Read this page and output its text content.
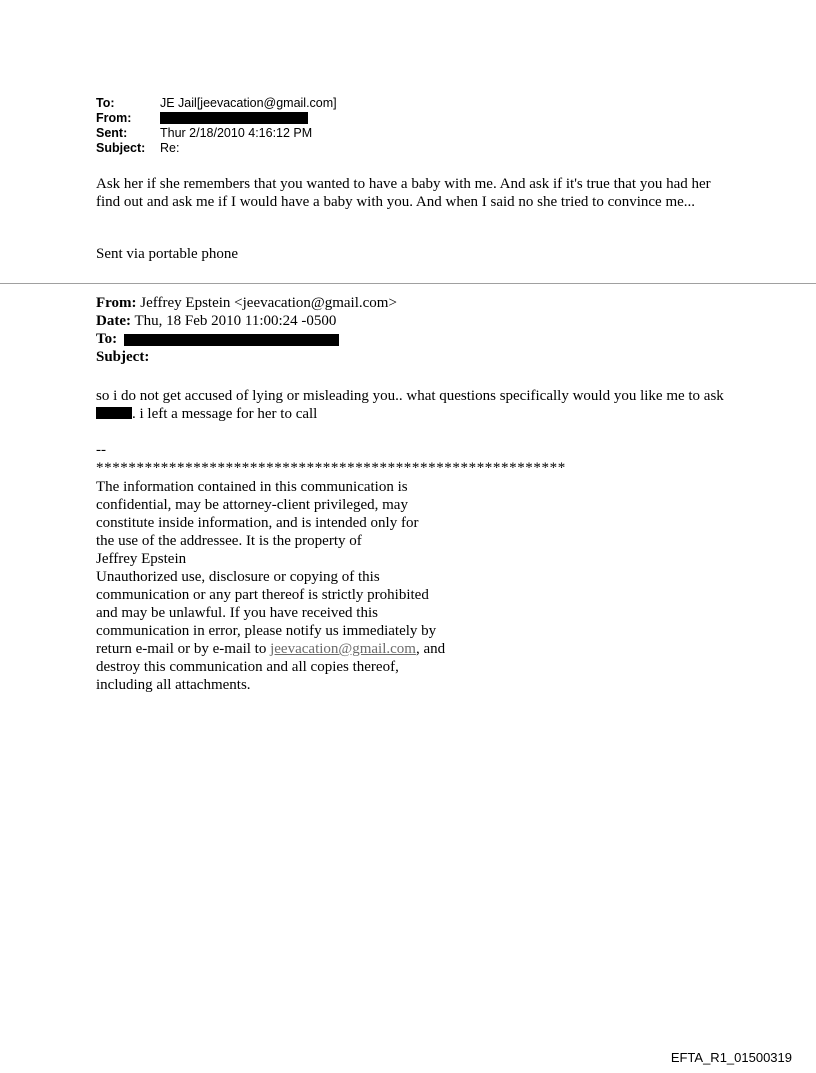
To:	JE Jail[jeevacation@gmail.com]
From:
Sent:	Thur 2/18/2010 4:16:12 PM
Subject:	Re:

Ask her if she remembers that you wanted to have a baby with me. And ask if it's true that you had her find out and ask me if I would have a baby with you. And when I said no she tried to convince me...

Sent via portable phone

From: Jeffrey Epstein <jeevacation@gmail.com>
Date: Thu, 18 Feb 2010 11:00:24 -0500
To:
Subject:

so i do not get accused of lying or misleading you.. what questions specifically would you like me to ask . i left a message for her to call

--

**********************************************************

The information contained in this communication is
confidential, may be attorney-client privileged, may
constitute inside information, and is intended only for
the use of the addressee. It is the property of
Jeffrey Epstein
Unauthorized use, disclosure or copying of this
communication or any part thereof is strictly prohibited
and may be unlawful. If you have received this
communication in error, please notify us immediately by
return e-mail or by e-mail to jeevacation@gmail.com, and
destroy this communication and all copies thereof,
including all attachments.
EFTA_R1_01500319
